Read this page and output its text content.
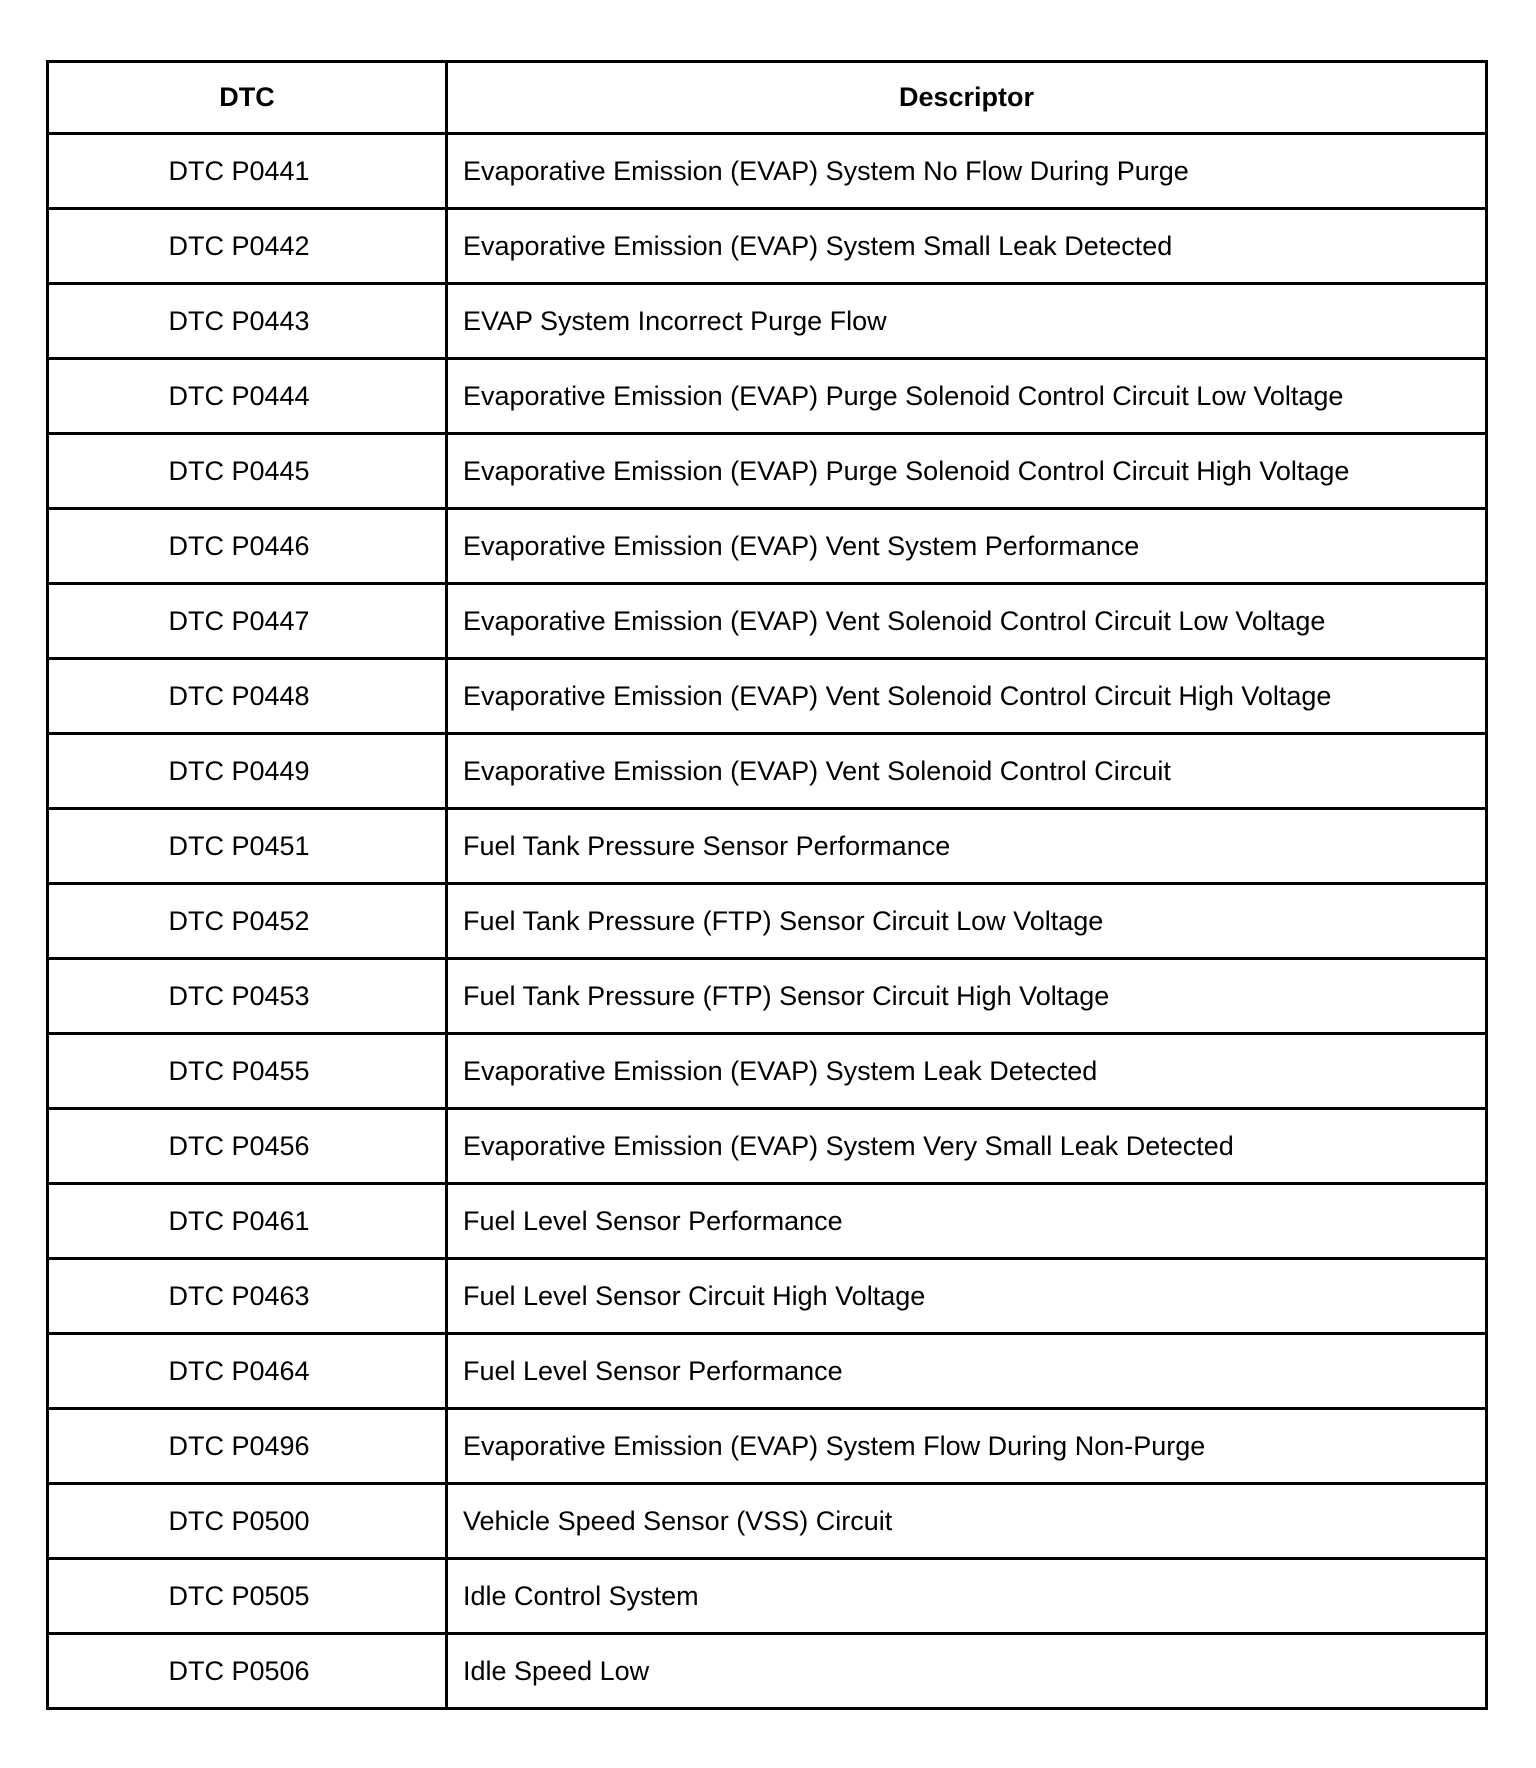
DTC	Descriptor
DTC P0441	Evaporative Emission (EVAP) System No Flow During Purge
DTC P0442	Evaporative Emission (EVAP) System Small Leak Detected
DTC P0443	EVAP System Incorrect Purge Flow
DTC P0444	Evaporative Emission (EVAP) Purge Solenoid Control Circuit Low Voltage
DTC P0445	Evaporative Emission (EVAP) Purge Solenoid Control Circuit High Voltage
DTC P0446	Evaporative Emission (EVAP) Vent System Performance
DTC P0447	Evaporative Emission (EVAP) Vent Solenoid Control Circuit Low Voltage
DTC P0448	Evaporative Emission (EVAP) Vent Solenoid Control Circuit High Voltage
DTC P0449	Evaporative Emission (EVAP) Vent Solenoid Control Circuit
DTC P0451	Fuel Tank Pressure Sensor Performance
DTC P0452	Fuel Tank Pressure (FTP) Sensor Circuit Low Voltage
DTC P0453	Fuel Tank Pressure (FTP) Sensor Circuit High Voltage
DTC P0455	Evaporative Emission (EVAP) System Leak Detected
DTC P0456	Evaporative Emission (EVAP) System Very Small Leak Detected
DTC P0461	Fuel Level Sensor Performance
DTC P0463	Fuel Level Sensor Circuit High Voltage
DTC P0464	Fuel Level Sensor Performance
DTC P0496	Evaporative Emission (EVAP) System Flow During Non-Purge
DTC P0500	Vehicle Speed Sensor (VSS) Circuit
DTC P0505	Idle Control System
DTC P0506	Idle Speed Low
